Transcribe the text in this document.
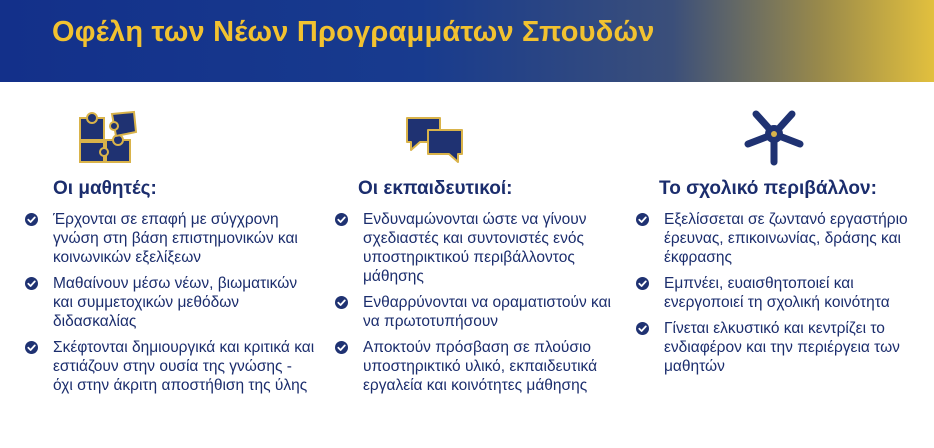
Οφέλη των Νέων Προγραμμάτων Σπουδών
Οι μαθητές:
Έρχονται σε επαφή με σύγχρονη γνώση στη βάση επιστημονικών και κοινωνικών εξελίξεων
Μαθαίνουν μέσω νέων, βιωματικών και συμμετοχικών μεθόδων διδασκαλίας
Σκέφτονται δημιουργικά και κριτικά και εστιάζουν στην ουσία της γνώσης - όχι στην άκριτη αποστήθιση της ύλης
Οι εκπαιδευτικοί:
Ενδυναμώνονται ώστε να γίνουν σχεδιαστές και συντονιστές ενός υποστηρικτικού περιβάλλοντος μάθησης
Ενθαρρύνονται να οραματιστούν και να πρωτοτυπήσουν
Αποκτούν πρόσβαση σε πλούσιο υποστηρικτικό υλικό, εκπαιδευτικά εργαλεία και κοινότητες μάθησης
Το σχολικό περιβάλλον:
Εξελίσσεται σε ζωντανό εργαστήριο έρευνας, επικοινωνίας, δράσης και έκφρασης
Εμπνέει, ευαισθητοποιεί και ενεργοποιεί τη σχολική κοινότητα
Γίνεται ελκυστικό και κεντρίζει το ενδιαφέρον και την περιέργεια των μαθητών
